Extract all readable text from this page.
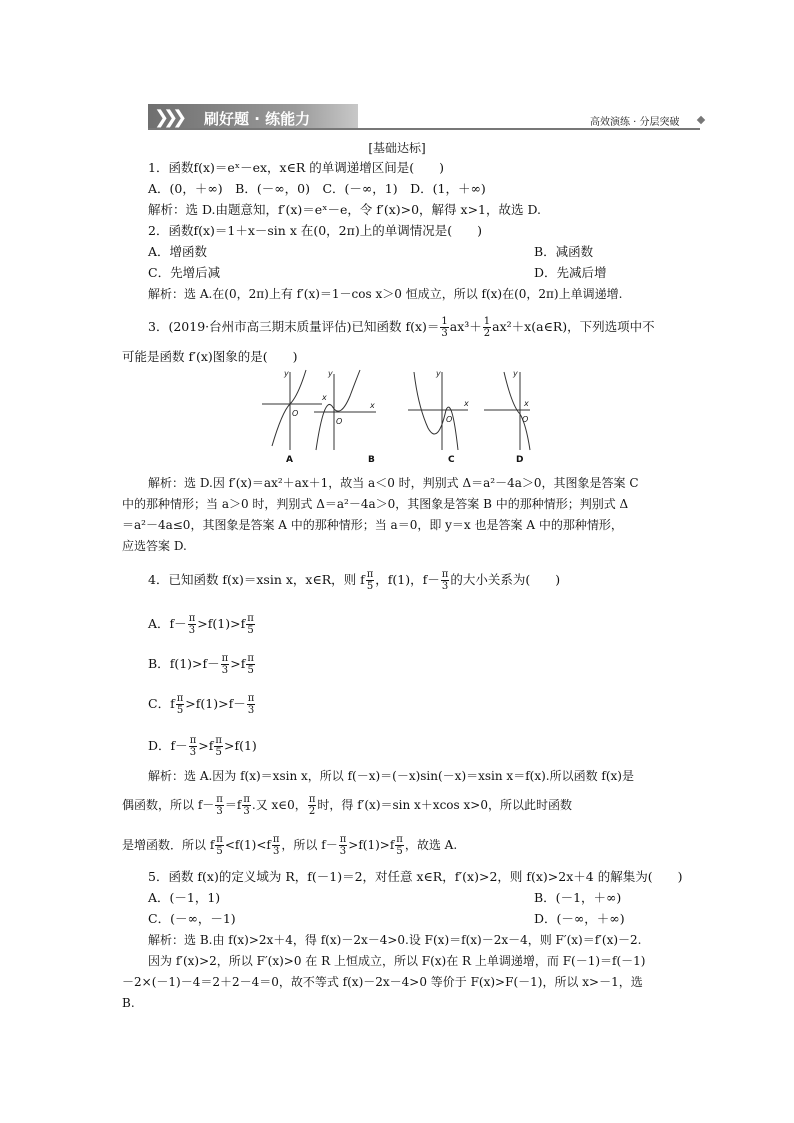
❯❯❯ 刷好题 · 练能力	高效演练 · 分层突破
[基础达标]
1．函数f(x)＝eˣ－ex，x∈R 的单调递增区间是(　　)
A．(0，＋∞)　B．(－∞，0)　C．(－∞，1)　D．(1，＋∞)
解析：选 D.由题意知，f′(x)＝eˣ－e，令 f′(x)>0，解得 x>1，故选 D.
2．函数f(x)＝1＋x－sin x 在(0，2π)上的单调情况是(　　)
A．增函数	B．减函数
C．先增后减	D．先减后增
解析：选 A.在(0，2π)上有 f′(x)＝1－cos x＞0 恒成立，所以 f(x)在(0，2π)上单调递增.
3．(2019·台州市高三期末质量评估)已知函数 $f(x)= \frac{1}{3} ax^3+ \frac{1}{2}$ ax²＋x(a∈R)，下列选项中不
可能是函数 f′(x)图象的是(　　)
x
y
O
x
y
O
x
y
O
x
y
O
A	B	C	D
解析：选 D.因 f′(x)＝ax²＋ax＋1，故当 a＜0 时，判别式 Δ＝a²－4a＞0，其图象是答案 C
中的那种情形；当 a＞0 时，判别式 Δ＝a²－4a＞0，其图象是答案 B 中的那种情形；判别式 Δ
＝a²－4a≤0，其图象是答案 A 中的那种情形；当 a＝0，即 y＝x 也是答案 A 中的那种情形，
应选答案 D.
4．已知函数 f(x)＝xsin x，x∈R，则 f $\frac{\pi}{5}$ ，f(1)，$f- \frac{\pi}{3}$ 的大小关系为(　　)
A．$f- \frac{\pi}{3} >f(1)>f \frac{\pi}{5}$
B．$f(1)>f- \frac{\pi}{3} >f \frac{\pi}{5}$
C．f $\frac{\pi}{5} >f(1)>f- \frac{\pi}{3}$
D．$f- \frac{\pi}{3} >f \frac{\pi}{5} >f(1)$
解析：选 A.因为 f(x)＝xsin x，所以 f(－x)＝(－x)sin(－x)＝xsin x＝f(x).所以函数 f(x)是
偶函数，所以 $f- \frac{\pi}{3} =f \frac{\pi}{3}$ .又 x∈0， $\frac{\pi}{2}$ 时，得 f′(x)＝sin x＋xcos x>0，所以此时函数
是增函数．所以 f $\frac{\pi}{5} <f(1)<f \frac{\pi}{3}$ ，所以 $f- \frac{\pi}{3} >f(1)>f \frac{\pi}{5}$ ，故选 A.
5．函数 f(x)的定义域为 R，f(－1)＝2，对任意 x∈R，f′(x)>2，则 f(x)>2x＋4 的解集为(　　)
A．(－1，1)	B．(－1，＋∞)
C．(－∞，－1)	D．(－∞，＋∞)
解析：选 B.由 f(x)>2x＋4，得 f(x)－2x－4>0.设 F(x)＝f(x)－2x－4，则 F′(x)＝f′(x)－2.
因为 f′(x)>2，所以 F′(x)>0 在 R 上恒成立，所以 F(x)在 R 上单调递增，而 F(－1)＝f(－1)
－2×(－1)－4＝2＋2－4＝0，故不等式 f(x)－2x－4>0 等价于 F(x)>F(－1)，所以 x>－1，选
B.
